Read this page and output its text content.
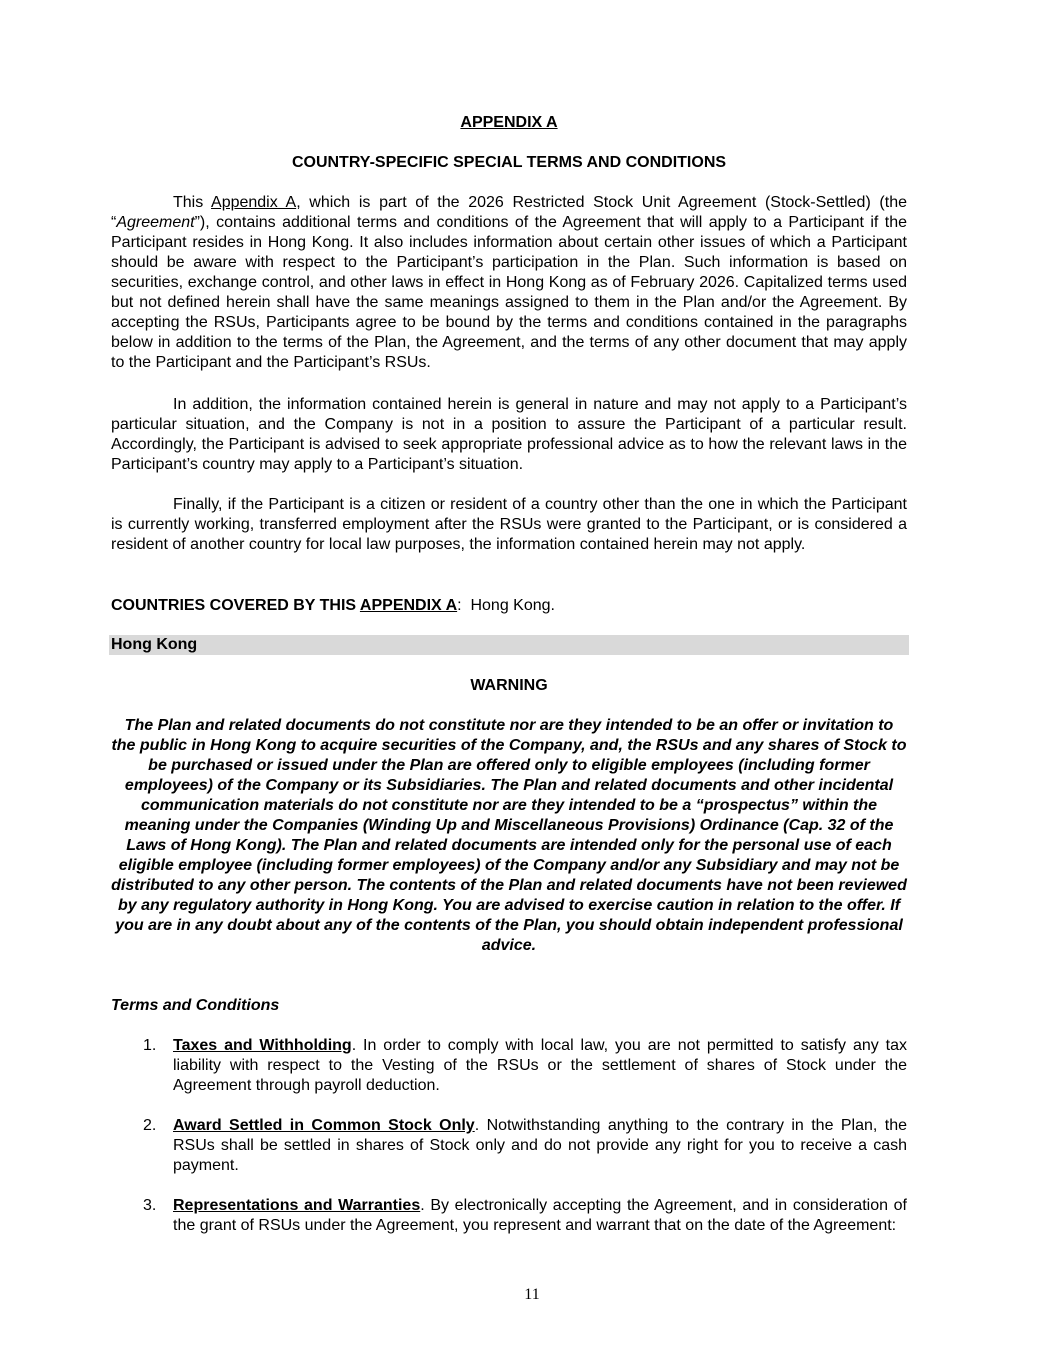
APPENDIX A
COUNTRY-SPECIFIC SPECIAL TERMS AND CONDITIONS

This Appendix A, which is part of the 2026 Restricted Stock Unit Agreement (Stock-Settled) (the “Agreement”), contains additional terms and conditions of the Agreement that will apply to a Participant if the Participant resides in Hong Kong. It also includes information about certain other issues of which a Participant should be aware with respect to the Participant’s participation in the Plan. Such information is based on securities, exchange control, and other laws in effect in Hong Kong as of February 2026. Capitalized terms used but not defined herein shall have the same meanings assigned to them in the Plan and/or the Agreement. By accepting the RSUs, Participants agree to be bound by the terms and conditions contained in the paragraphs below in addition to the terms of the Plan, the Agreement, and the terms of any other document that may apply to the Participant and the Participant’s RSUs.

In addition, the information contained herein is general in nature and may not apply to a Participant’s particular situation, and the Company is not in a position to assure the Participant of a particular result. Accordingly, the Participant is advised to seek appropriate professional advice as to how the relevant laws in the Participant’s country may apply to a Participant’s situation.

Finally, if the Participant is a citizen or resident of a country other than the one in which the Participant is currently working, transferred employment after the RSUs were granted to the Participant, or is considered a resident of another country for local law purposes, the information contained herein may not apply.

COUNTRIES COVERED BY THIS APPENDIX A: Hong Kong.
Hong Kong
WARNING

The Plan and related documents do not constitute nor are they intended to be an offer or invitation to the public in Hong Kong to acquire securities of the Company, and, the RSUs and any shares of Stock to be purchased or issued under the Plan are offered only to eligible employees (including former employees) of the Company or its Subsidiaries. The Plan and related documents and other incidental communication materials do not constitute nor are they intended to be a “prospectus” within the meaning under the Companies (Winding Up and Miscellaneous Provisions) Ordinance (Cap. 32 of the Laws of Hong Kong). The Plan and related documents are intended only for the personal use of each eligible employee (including former employees) of the Company and/or any Subsidiary and may not be distributed to any other person. The contents of the Plan and related documents have not been reviewed by any regulatory authority in Hong Kong. You are advised to exercise caution in relation to the offer. If you are in any doubt about any of the contents of the Plan, you should obtain independent professional advice.

Terms and Conditions
1. Taxes and Withholding. In order to comply with local law, you are not permitted to satisfy any tax liability with respect to the Vesting of the RSUs or the settlement of shares of Stock under the Agreement through payroll deduction.

2. Award Settled in Common Stock Only. Notwithstanding anything to the contrary in the Plan, the RSUs shall be settled in shares of Stock only and do not provide any right for you to receive a cash payment.

3. Representations and Warranties. By electronically accepting the Agreement, and in consideration of the grant of RSUs under the Agreement, you represent and warrant that on the date of the Agreement:

11
